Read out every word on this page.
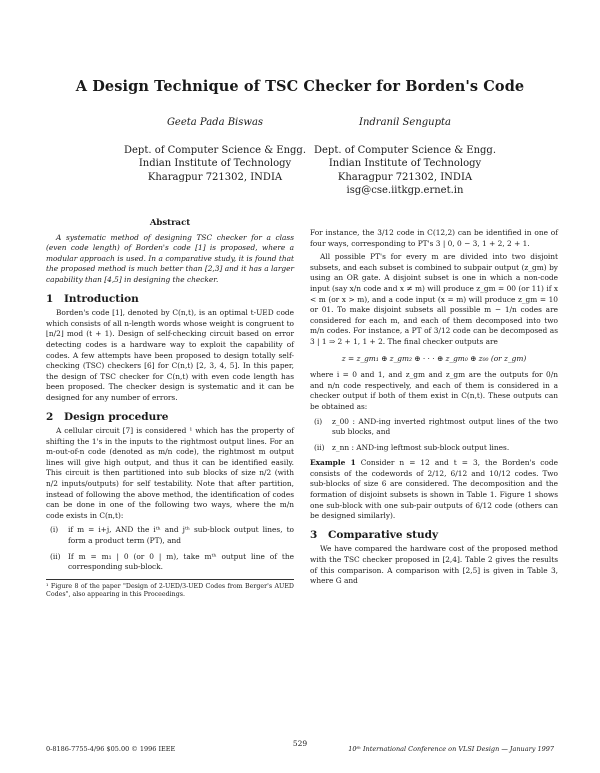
A Design Technique of TSC Checker for Borden's Code
Geeta Pada Biswas
Dept. of Computer Science & Engg.
Indian Institute of Technology
Kharagpur 721302, INDIA
Indranil Sengupta
Dept. of Computer Science & Engg.
Indian Institute of Technology
Kharagpur 721302, INDIA
isg@cse.iitkgp.ernet.in
Abstract

A systematic method of designing TSC checker for a class (even code length) of Borden's code [1] is proposed, where a modular approach is used. In a comparative study, it is found that the proposed method is much better than [2,3] and it has a larger capability than [4,5] in designing the checker.

1 Introduction

Borden's code [1], denoted by C(n,t), is an optimal t-UED code which consists of all n-length words whose weight is congruent to ⌊n/2⌋ mod (t + 1). Design of self-checking circuit based on error detecting codes is a hardware way to exploit the capability of codes. A few attempts have been proposed to design totally self-checking (TSC) checkers [6] for C(n,t) [2, 3, 4, 5]. In this paper, the design of TSC checker for C(n,t) with even code length has been proposed. The checker design is systematic and it can be designed for any number of errors.

2 Design procedure

A cellular circuit [7] is considered ¹ which has the property of shifting the 1's in the inputs to the rightmost output lines. For an m-out-of-n code (denoted as m/n code), the rightmost m output lines will give high output, and thus it can be identified easily. This circuit is then partitioned into sub blocks of size n/2 (with n/2 inputs/outputs) for self testability. Note that after partition, instead of following the above method, the identification of codes can be done in one of the following two ways, where the m/n code exists in C(n,t):

(i)	if m = i+j, AND the iᵗʰ and jᵗʰ sub-block output lines, to form a product term (PT), and
(ii)	If m = m₁ | 0 (or 0 | m), take mᵗʰ output line of the corresponding sub-block.
¹ Figure 8 of the paper "Design of 2-UED/3-UED Codes from Berger's AUED Codes", also appearing in this Proceedings.

For instance, the 3/12 code in C(12,2) can be identified in one of four ways, corresponding to PT's 3 | 0, 0 − 3, 1 + 2, 2 + 1.

All possible PT's for every m are divided into two disjoint subsets, and each subset is combined to subpair output (z_gm) by using an OR gate. A disjoint subset is one in which a non-code input (say x/n code and x ≠ m) will produce z_gm = 00 (or 11) if x < m (or x > m), and a code input (x = m) will produce z_gm = 10 or 01. To make disjoint subsets all possible m − 1/n codes are considered for each m, and each of them decomposed into two m/n codes. For instance, a PT of 3/12 code can be decomposed as 3 | 1 ⇒ 2 + 1, 1 + 2. The final checker outputs are

z = z_gm₁ ⊕ z_gm₂ ⊕ · · · ⊕ z_gm₀ ⊕ z₀₀ (or z_gm)

where i = 0 and 1, and z_gm and z_gm are the outputs for 0/n and n/n code respectively, and each of them is considered in a checker output if both of them exist in C(n,t). These outputs can be obtained as:

(i)	z_00 : AND-ing inverted rightmost output lines of the two sub blocks, and
(ii)	z_nn : AND-ing leftmost sub-block output lines.

Example 1 Consider n = 12 and t = 3, the Borden's code consists of the codewords of 2/12, 6/12 and 10/12 codes. Two sub-blocks of size 6 are considered. The decomposition and the formation of disjoint subsets is shown in Table 1. Figure 1 shows one sub-block with one sub-pair outputs of 6/12 code (others can be designed similarly).

3 Comparative study

We have compared the hardware cost of the proposed method with the TSC checker proposed in [2,4]. Table 2 gives the results of this comparison. A comparison with [2,5] is given in Table 3, where G and

0-8186-7755-4/96 $05.00 © 1996 IEEE
529
10ᵗʰ International Conference on VLSI Design — January 1997
